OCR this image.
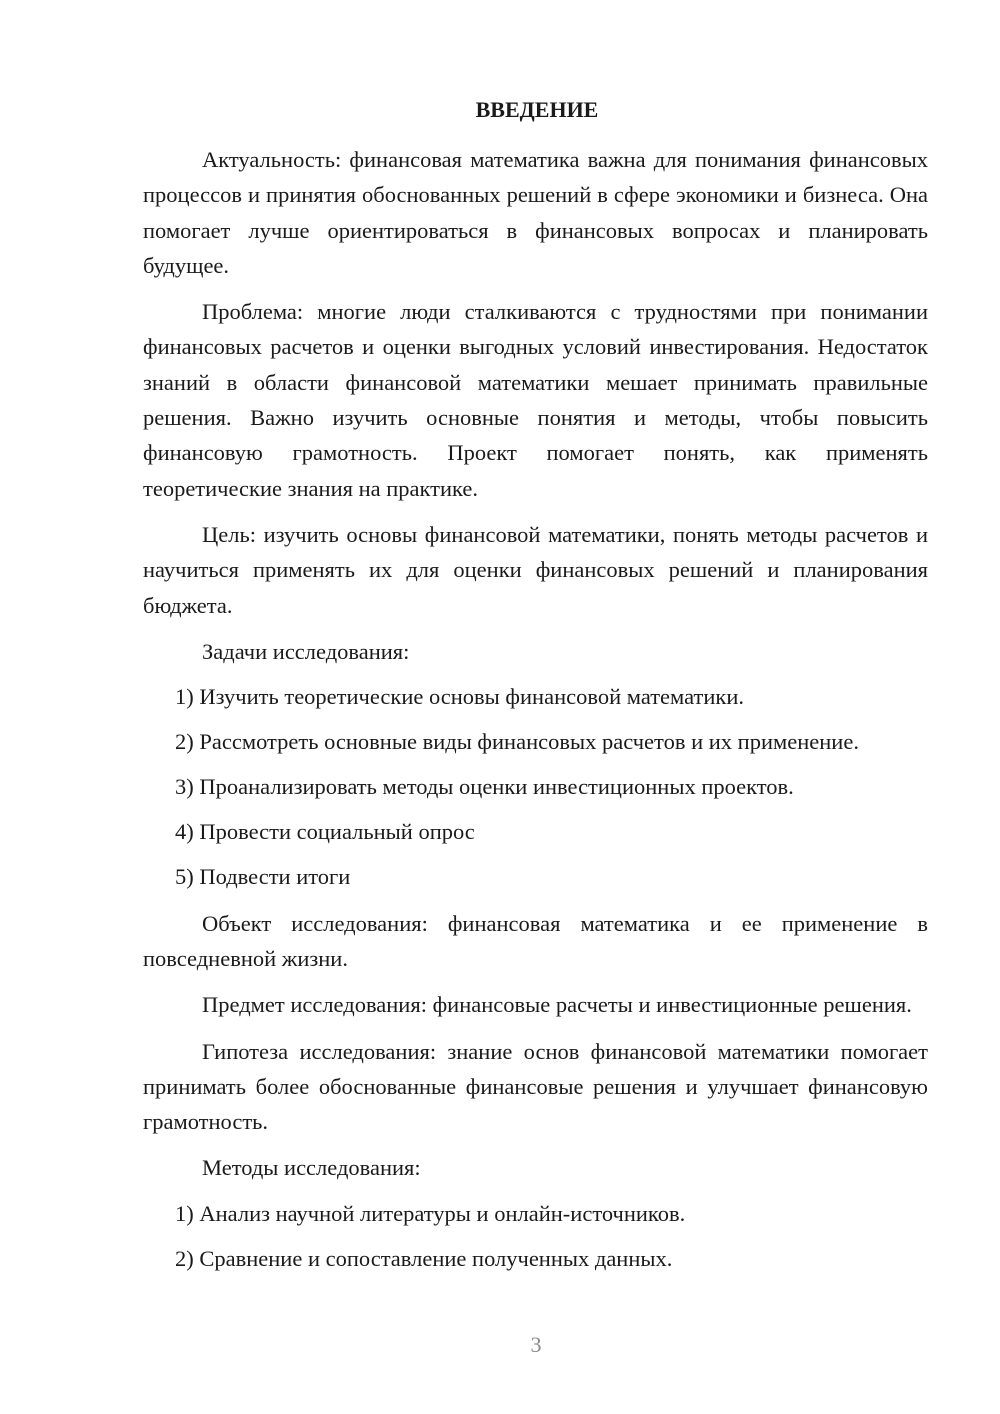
ВВЕДЕНИЕ

Актуальность: финансовая математика важна для понимания финансовых процессов и принятия обоснованных решений в сфере экономики и бизнеса. Она помогает лучше ориентироваться в финансовых вопросах и планировать будущее.

Проблема: многие люди сталкиваются с трудностями при понимании финансовых расчетов и оценки выгодных условий инвестирования. Недостаток знаний в области финансовой математики мешает принимать правильные решения. Важно изучить основные понятия и методы, чтобы повысить финансовую грамотность. Проект помогает понять, как применять теоретические знания на практике.

Цель: изучить основы финансовой математики, понять методы расчетов и научиться применять их для оценки финансовых решений и планирования бюджета.

Задачи исследования:

1) Изучить теоретические основы финансовой математики.

2) Рассмотреть основные виды финансовых расчетов и их применение.

3) Проанализировать методы оценки инвестиционных проектов.

4) Провести социальный опрос

5) Подвести итоги

Объект исследования: финансовая математика и ее применение в повседневной жизни.

Предмет исследования: финансовые расчеты и инвестиционные решения.

Гипотеза исследования: знание основ финансовой математики помогает принимать более обоснованные финансовые решения и улучшает финансовую грамотность.

Методы исследования:

1) Анализ научной литературы и онлайн-источников.

2) Сравнение и сопоставление полученных данных.

3
